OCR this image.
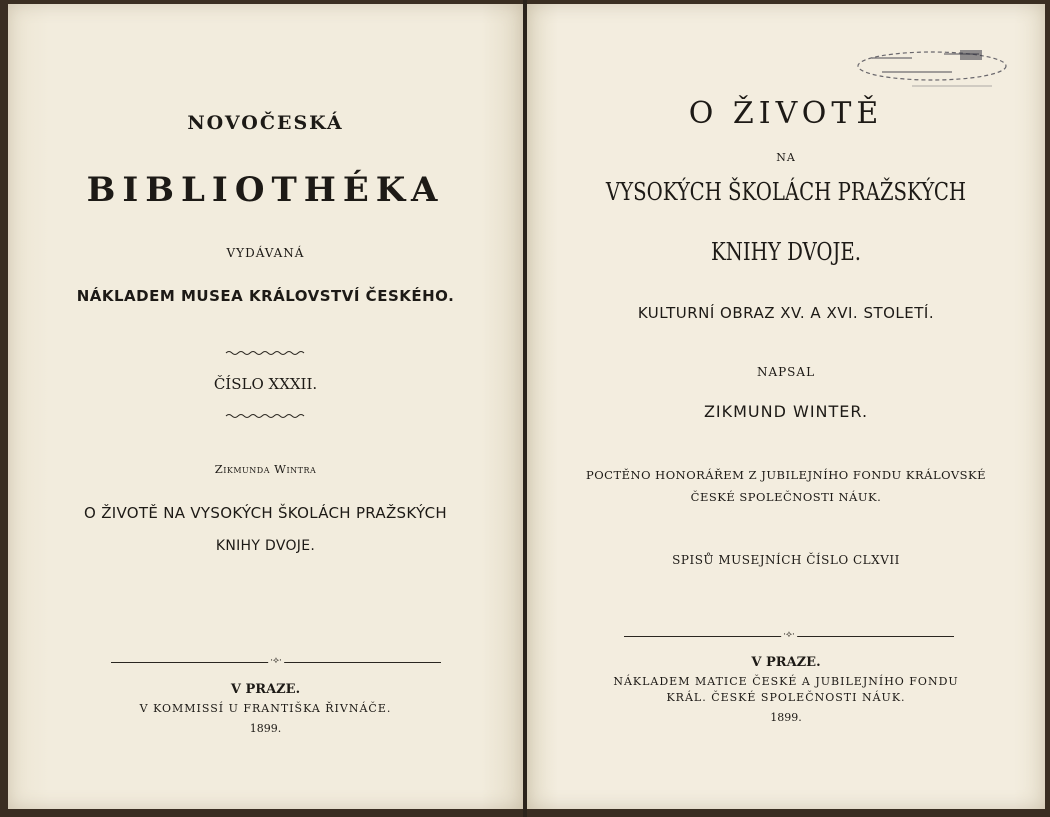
NOVOČESKÁ
BIBLIOTHÉKA
VYDÁVANÁ
NÁKLADEM MUSEA KRÁLOVSTVÍ ČESKÉHO.
ČÍSLO XXXII.
Zikmunda Wintra
O ŽIVOTĚ NA VYSOKÝCH ŠKOLÁCH PRAŽSKÝCH
KNIHY DVOJE.
·⟡·
V PRAZE.
V KOMMISSÍ U FRANTIŠKA ŘIVNÁČE.
1899.
O ŽIVOTĚ
NA
VYSOKÝCH ŠKOLÁCH PRAŽSKÝCH
KNIHY DVOJE.
KULTURNÍ OBRAZ XV. A XVI. STOLETÍ.
NAPSAL
ZIKMUND WINTER.
POCTĚNO HONORÁŘEM Z JUBILEJNÍHO FONDU KRÁLOVSKÉ
ČESKÉ SPOLEČNOSTI NÁUK.
SPISŮ MUSEJNÍCH ČÍSLO CLXVII
·⟡·
V PRAZE.
NÁKLADEM MATICE ČESKÉ A JUBILEJNÍHO FONDU
KRÁL. ČESKÉ SPOLEČNOSTI NÁUK.
1899.
